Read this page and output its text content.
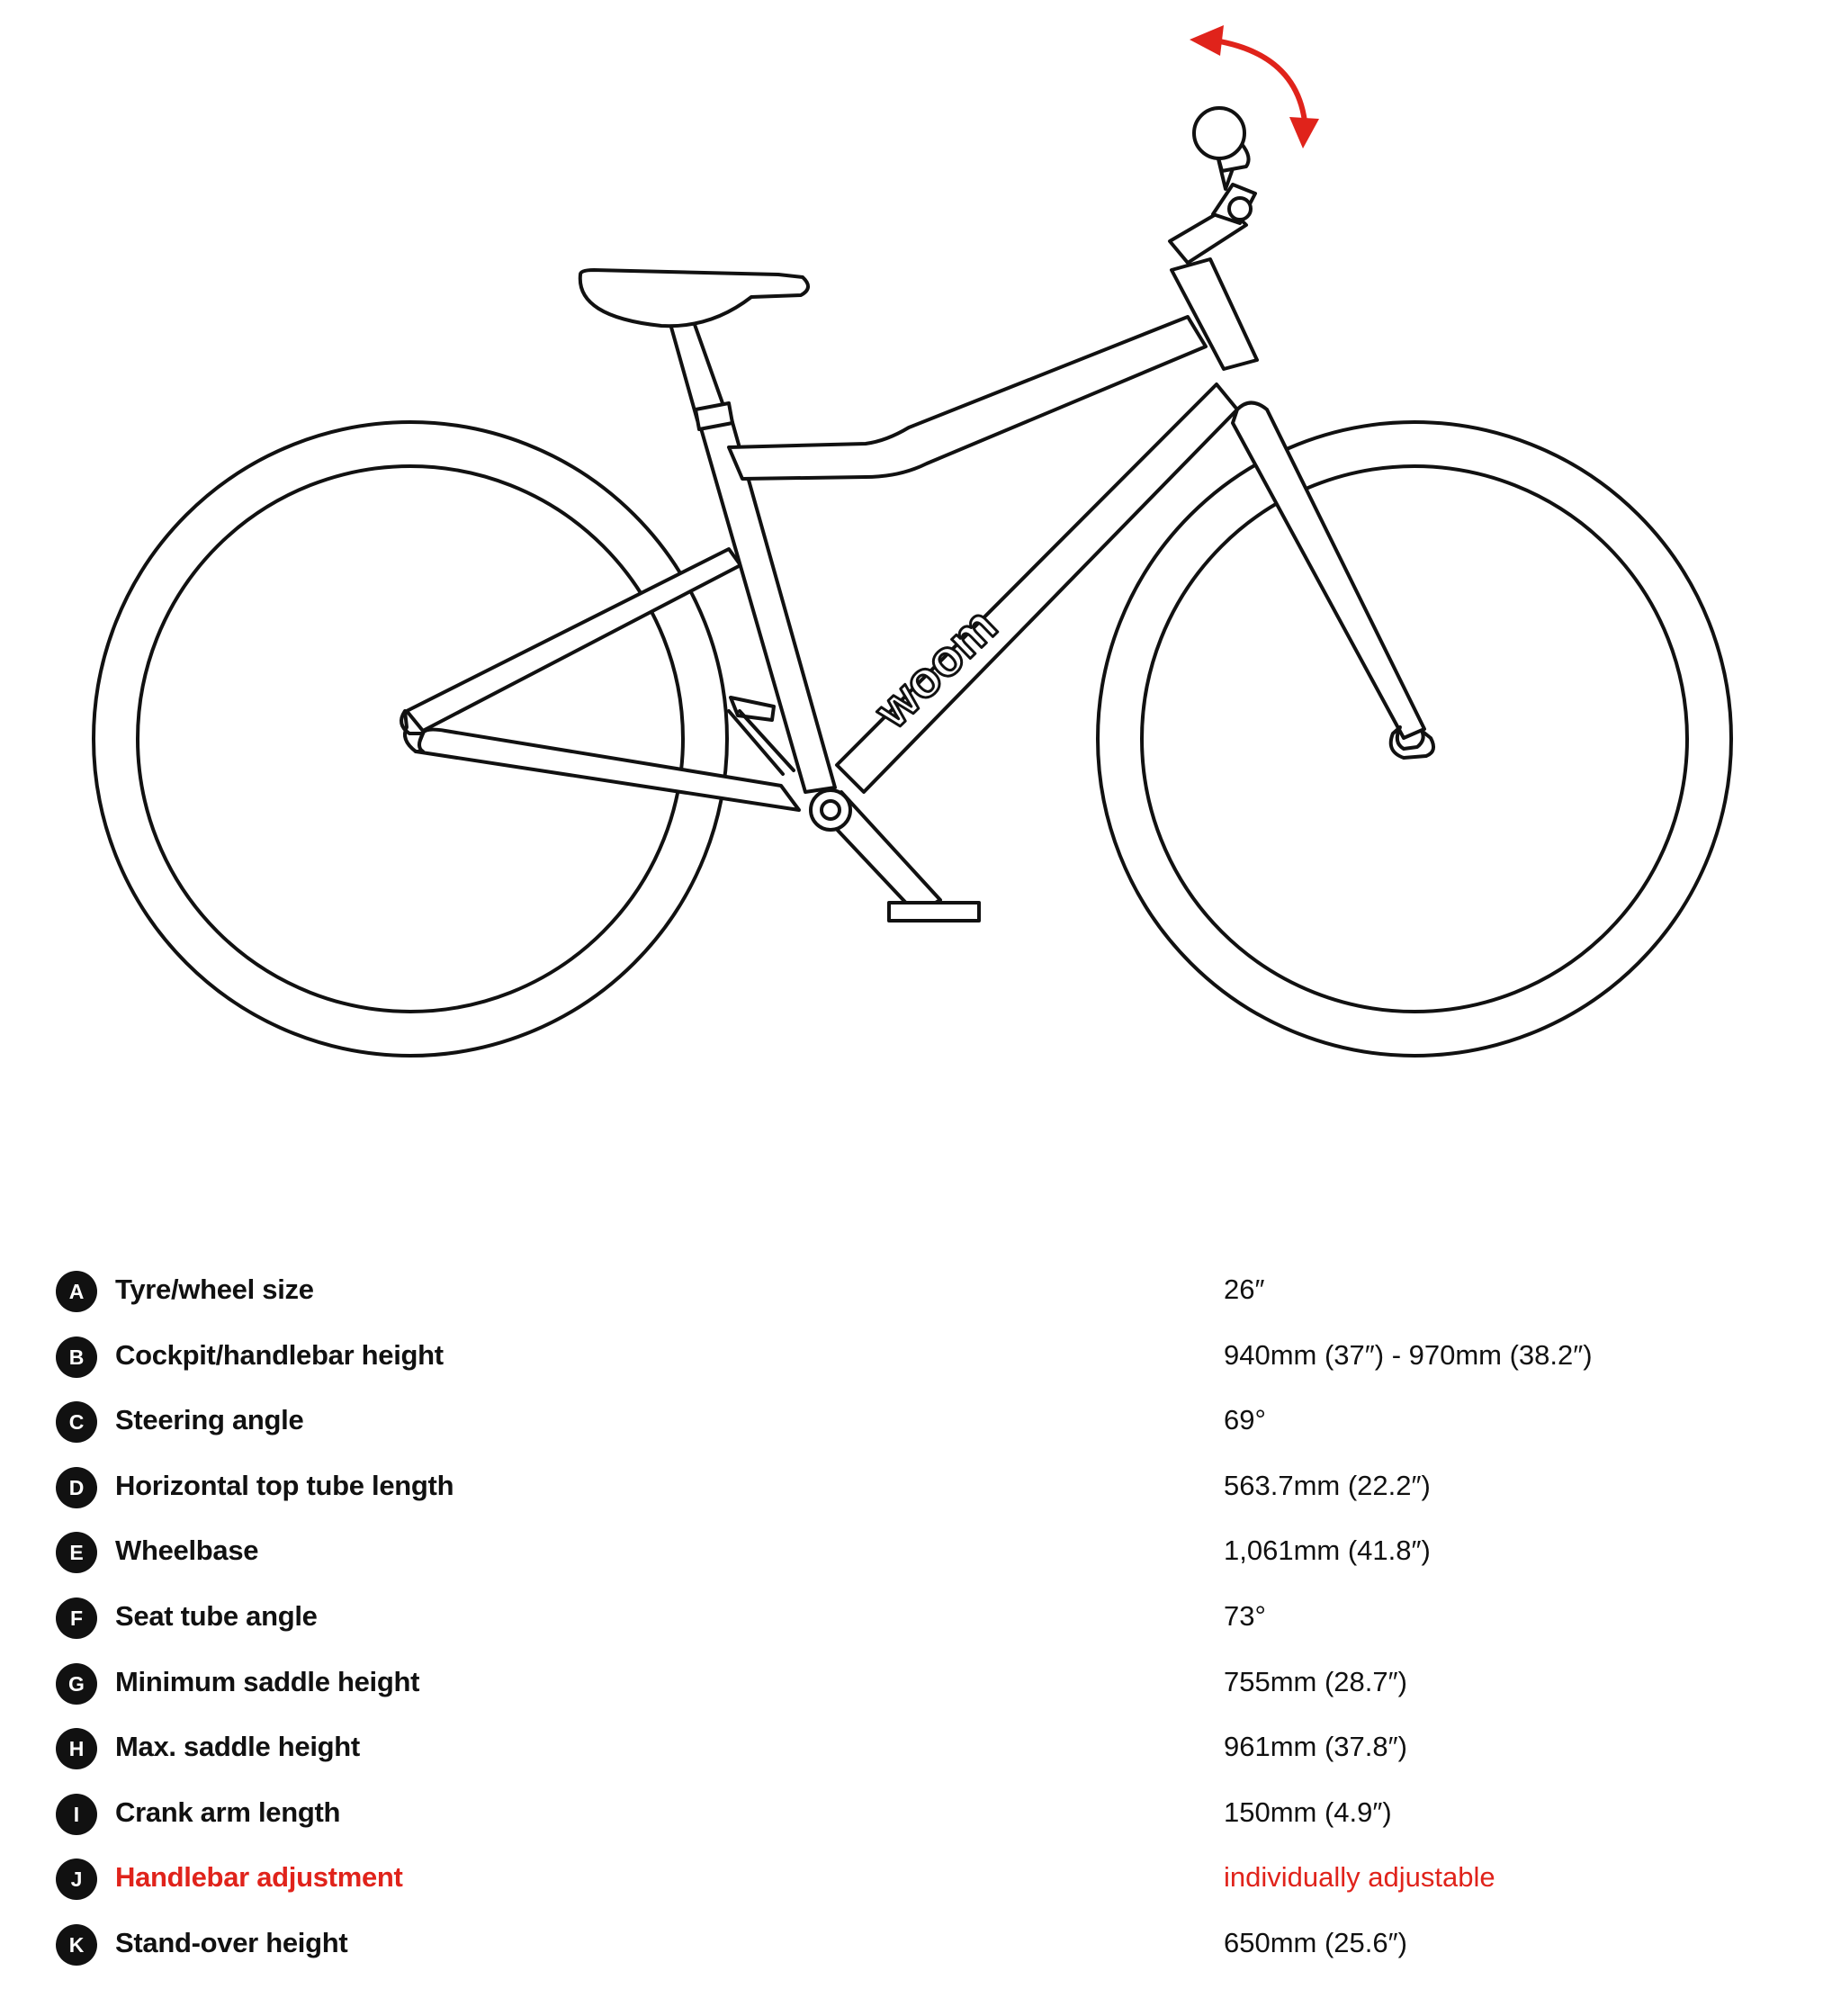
woom
A	Tyre/wheel size	26″
B	Cockpit/handlebar height	940mm (37″) - 970mm (38.2″)
C	Steering angle	69°
D	Horizontal top tube length	563.7mm (22.2″)
E	Wheelbase	1,061mm (41.8″)
F	Seat tube angle	73°
G	Minimum saddle height	755mm (28.7″)
H	Max. saddle height	961mm (37.8″)
I	Crank arm length	150mm (4.9″)
J	Handlebar adjustment	individually adjustable
K	Stand-over height	650mm (25.6″)
